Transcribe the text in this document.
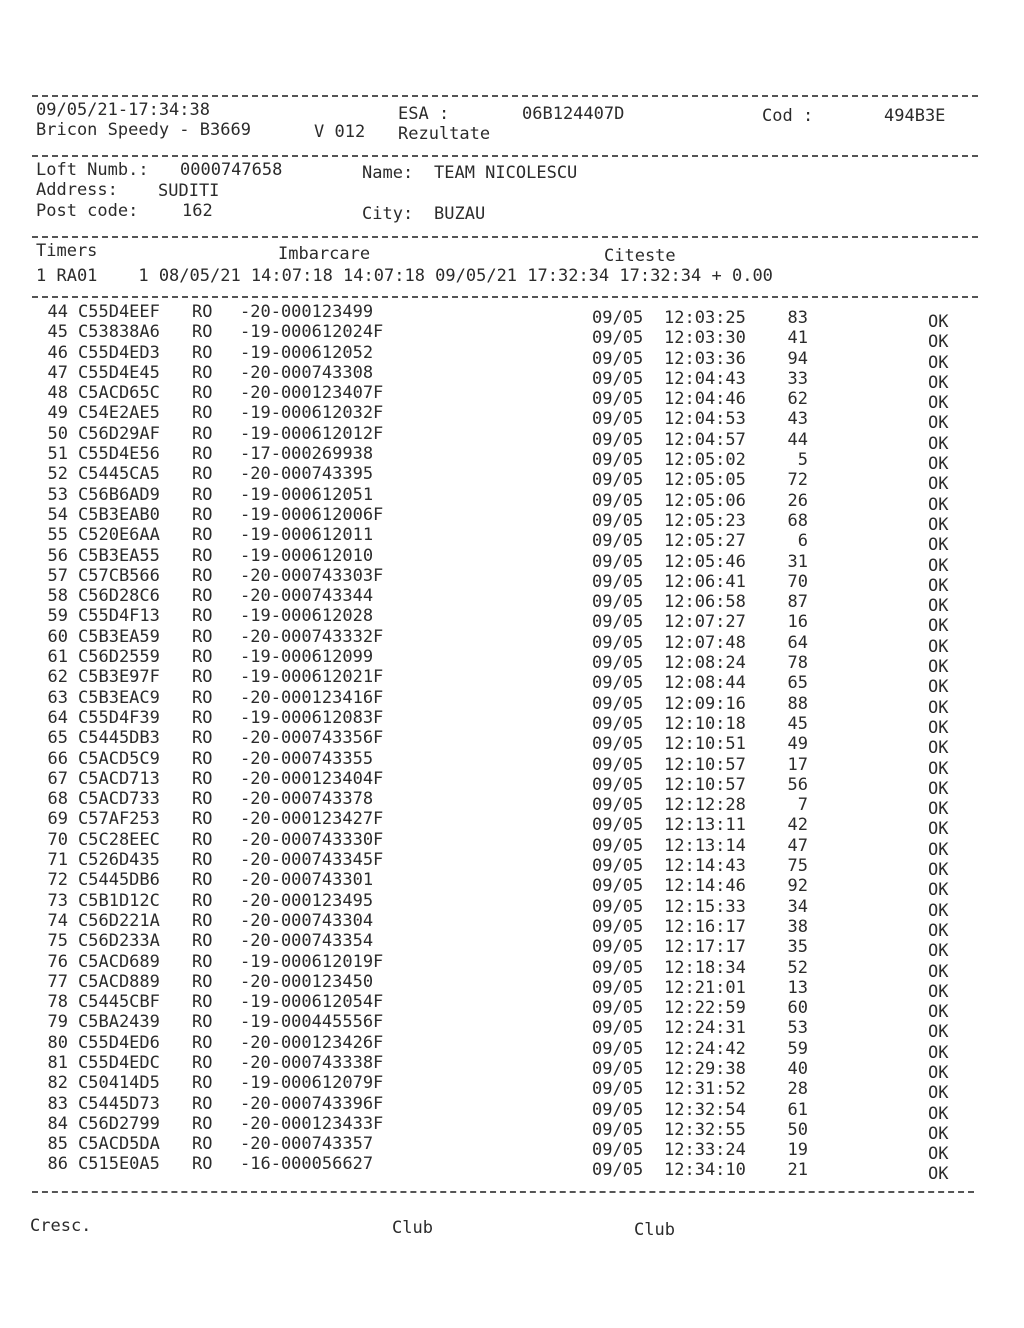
09/05/21-17:34:38	ESA :	06B124407D	Cod :	494B3E
Bricon Speedy - B3669	V 012 Rezultate
Loft Numb.: 0000747658	Name: TEAM NICOLESCU
Address: SUDITI
Post code:	162	City: BUZAU
Timers	Imbarcare	Citeste
1 RA01    1 08/05/21 14:07:18 14:07:18 09/05/21 17:32:34 17:32:34 + 0.00
44 C55D4EEF RO -20-000123499	09/05 12:03:25	83	OK
45 C53838A6 RO -19-000612024F	09/05 12:03:30	41	OK
46 C55D4ED3 RO -19-000612052	09/05 12:03:36	94	OK
47 C55D4E45 RO -20-000743308	09/05 12:04:43	33	OK
48 C5ACD65C RO -20-000123407F	09/05 12:04:46	62	OK
49 C54E2AE5 RO -19-000612032F	09/05 12:04:53	43	OK
50 C56D29AF RO -19-000612012F	09/05 12:04:57	44	OK
51 C55D4E56 RO -17-000269938	09/05 12:05:02	5	OK
52 C5445CA5 RO -20-000743395	09/05 12:05:05	72	OK
53 C56B6AD9 RO -19-000612051	09/05 12:05:06	26	OK
54 C5B3EAB0 RO -19-000612006F	09/05 12:05:23	68	OK
55 C520E6AA RO -19-000612011	09/05 12:05:27	6	OK
56 C5B3EA55 RO -19-000612010	09/05 12:05:46	31	OK
57 C57CB566 RO -20-000743303F	09/05 12:06:41	70	OK
58 C56D28C6 RO -20-000743344	09/05 12:06:58	87	OK
59 C55D4F13 RO -19-000612028	09/05 12:07:27	16	OK
60 C5B3EA59 RO -20-000743332F	09/05 12:07:48	64	OK
61 C56D2559 RO -19-000612099	09/05 12:08:24	78	OK
62 C5B3E97F RO -19-000612021F	09/05 12:08:44	65	OK
63 C5B3EAC9 RO -20-000123416F	09/05 12:09:16	88	OK
64 C55D4F39 RO -19-000612083F	09/05 12:10:18	45	OK
65 C5445DB3 RO -20-000743356F	09/05 12:10:51	49	OK
66 C5ACD5C9 RO -20-000743355	09/05 12:10:57	17	OK
67 C5ACD713 RO -20-000123404F	09/05 12:10:57	56	OK
68 C5ACD733 RO -20-000743378	09/05 12:12:28	7	OK
69 C57AF253 RO -20-000123427F	09/05 12:13:11	42	OK
70 C5C28EEC RO -20-000743330F	09/05 12:13:14	47	OK
71 C526D435 RO -20-000743345F	09/05 12:14:43	75	OK
72 C5445DB6 RO -20-000743301	09/05 12:14:46	92	OK
73 C5B1D12C RO -20-000123495	09/05 12:15:33	34	OK
74 C56D221A RO -20-000743304	09/05 12:16:17	38	OK
75 C56D233A RO -20-000743354	09/05 12:17:17	35	OK
76 C5ACD689 RO -19-000612019F	09/05 12:18:34	52	OK
77 C5ACD889 RO -20-000123450	09/05 12:21:01	13	OK
78 C5445CBF RO -19-000612054F	09/05 12:22:59	60	OK
79 C5BA2439 RO -19-000445556F	09/05 12:24:31	53	OK
80 C55D4ED6 RO -20-000123426F	09/05 12:24:42	59	OK
81 C55D4EDC RO -20-000743338F	09/05 12:29:38	40	OK
82 C50414D5 RO -19-000612079F	09/05 12:31:52	28	OK
83 C5445D73 RO -20-000743396F	09/05 12:32:54	61	OK
84 C56D2799 RO -20-000123433F	09/05 12:32:55	50	OK
85 C5ACD5DA RO -20-000743357	09/05 12:33:24	19	OK
86 C515E0A5 RO -16-000056627	09/05 12:34:10	21	OK
Cresc.	Club	Club
